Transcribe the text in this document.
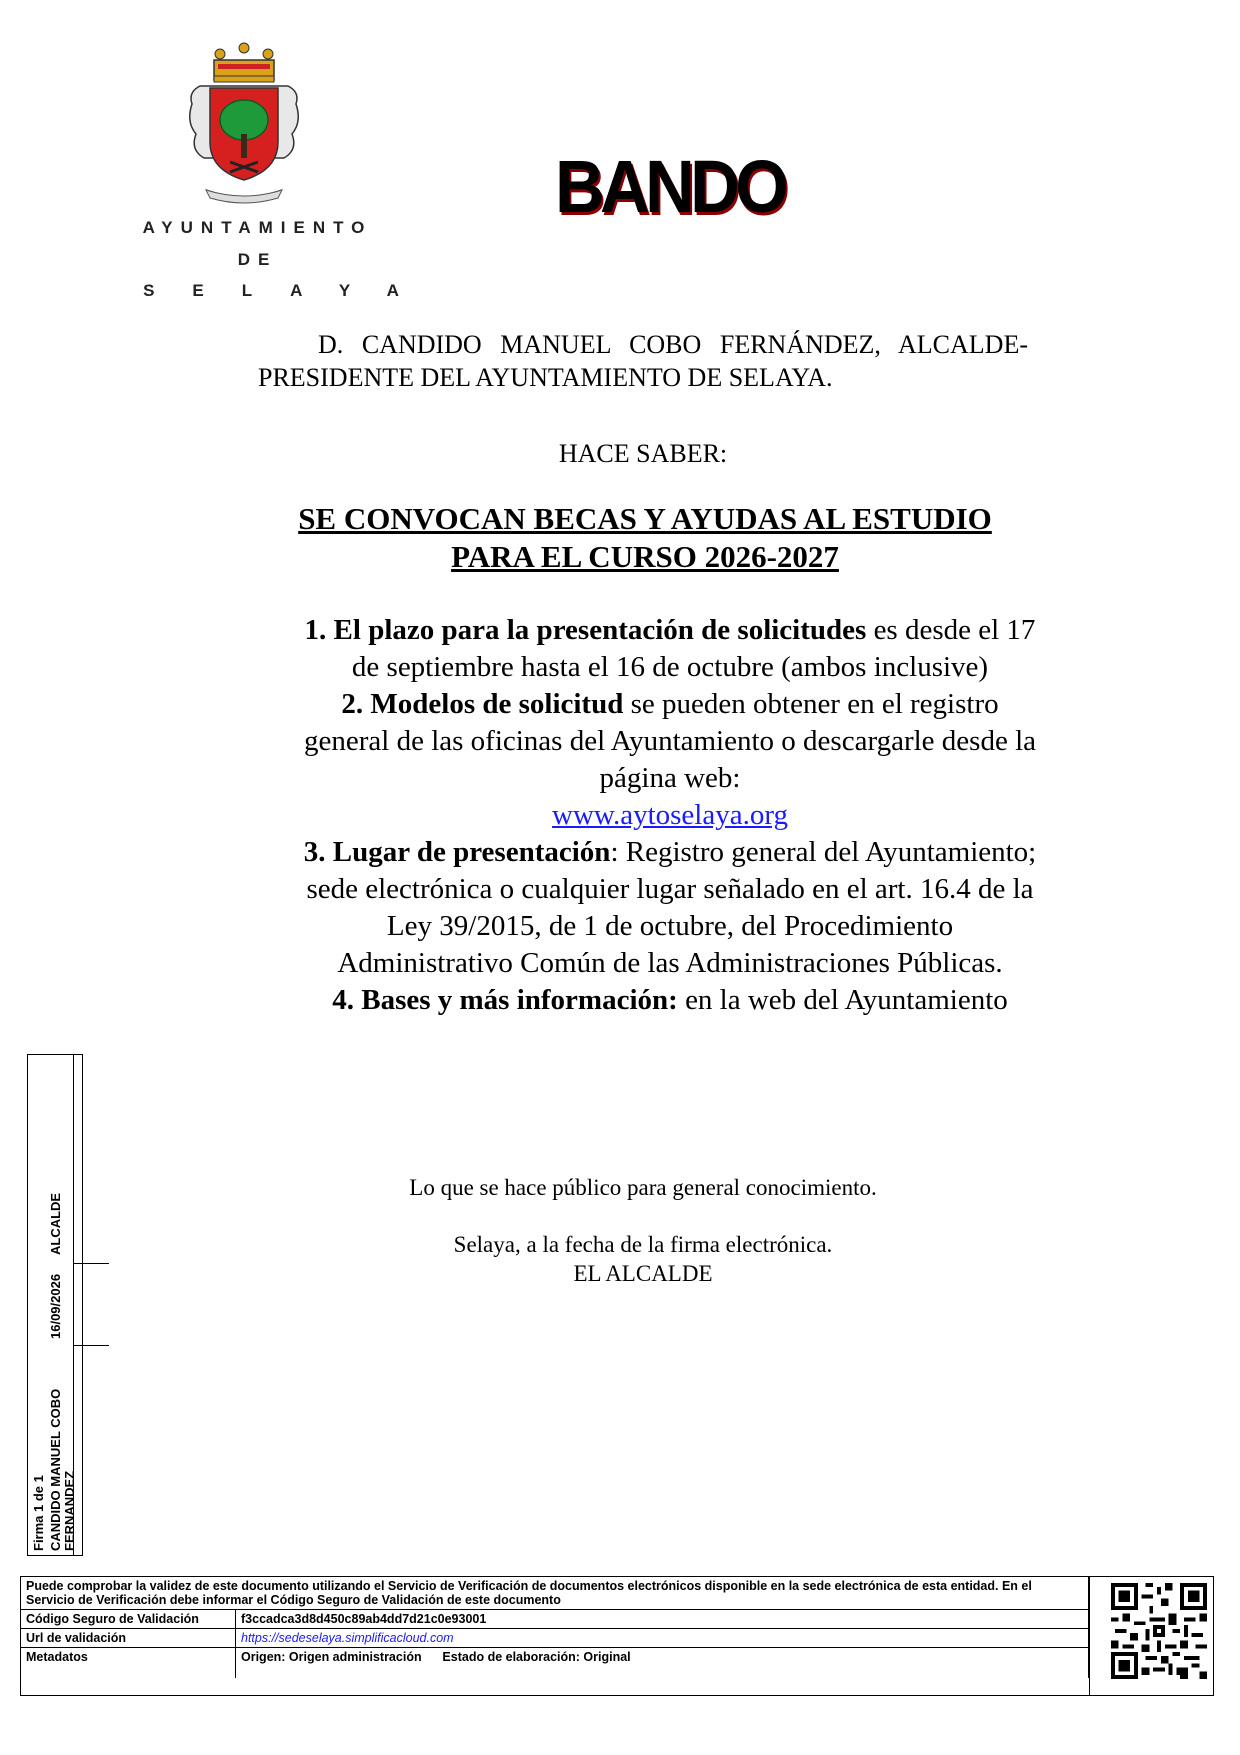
AYUNTAMIENTO
DE
SELAYA
BANDO
D. CANDIDO MANUEL COBO FERNÁNDEZ, ALCALDE-PRESIDENTE DEL AYUNTAMIENTO DE SELAYA.
HACE SABER:
SE CONVOCAN BECAS Y AYUDAS AL ESTUDIO
PARA EL CURSO 2026-2027

1. El plazo para la presentación de solicitudes es desde el 17 de septiembre hasta el 16 de octubre (ambos inclusive)

2. Modelos de solicitud se pueden obtener en el registro general de las oficinas del Ayuntamiento o descargarle desde la página web:
www.aytoselaya.org

3. Lugar de presentación: Registro general del Ayuntamiento; sede electrónica o cualquier lugar señalado en el art. 16.4 de la Ley 39/2015, de 1 de octubre, del Procedimiento Administrativo Común de las Administraciones Públicas.

4. Bases y más información: en la web del Ayuntamiento

Lo que se hace público para general conocimiento.

Selaya, a la fecha de la firma electrónica.

EL ALCALDE

Firma 1 de 1 CANDIDO MANUEL COBO FERNANDEZ
16/09/2026
ALCALDE
Puede comprobar la validez de este documento utilizando el Servicio de Verificación de documentos electrónicos disponible en la sede electrónica de esta entidad. En el Servicio de Verificación debe informar el Código Seguro de Validación de este documento	
Código Seguro de Validación	f3ccadca3d8d450c89ab4dd7d21c0e93001
Url de validación	https://sedeselaya.simplificacloud.com
Metadatos	Origen: Origen administración      Estado de elaboración: Original
